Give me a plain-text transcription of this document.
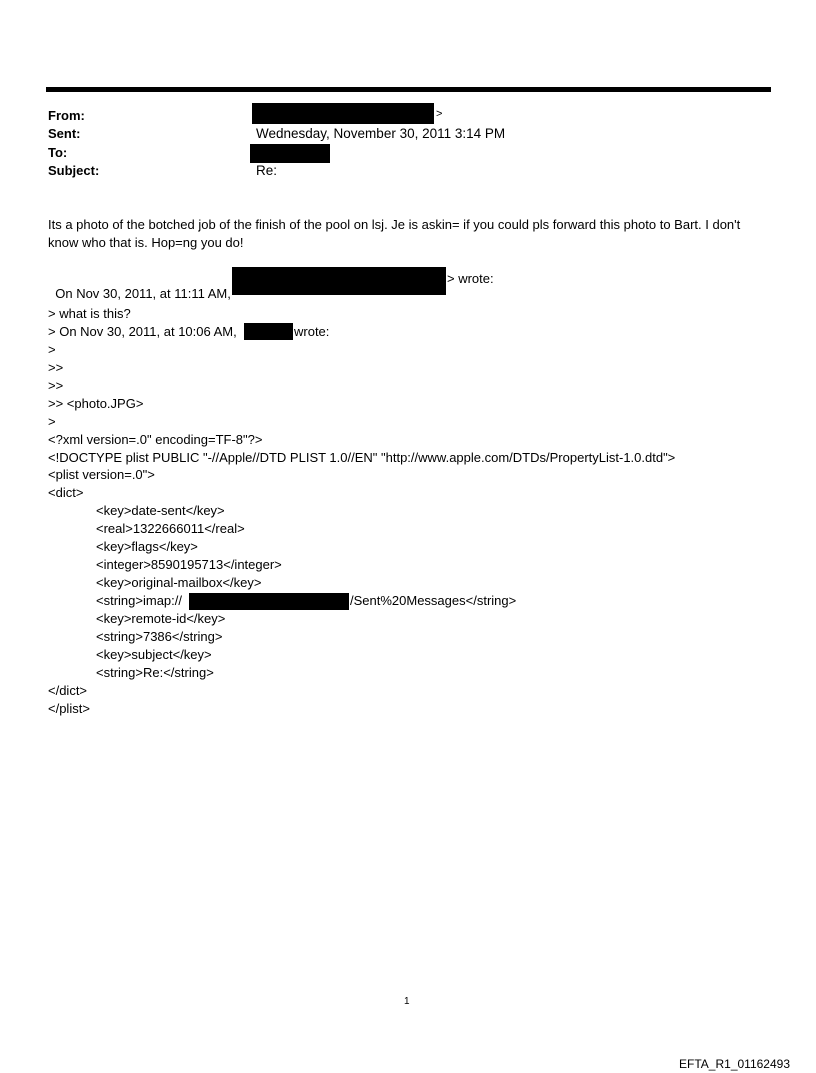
From:	>
Sent:	Wednesday, November 30, 2011 3:14 PM
To:
Subject:	Re:
Its a photo of the botched job of the finish of the pool on lsj. Je is askin= if you could pls forward this photo to Bart. I don't know who that is. Hop=ng you do!

On Nov 30, 2011, at 11:11 AM,

> wrote:
> what is this?
> On Nov 30, 2011, at 10:06 AM,	wrote:
>
>>
>>
>> <photo.JPG>
>
<?xml version=.0" encoding=TF-8"?>
<!DOCTYPE plist PUBLIC "-//Apple//DTD PLIST 1.0//EN" "http://www.apple.com/DTDs/PropertyList-1.0.dtd">
<plist version=.0">
<dict>
<key>date-sent</key>
<real>1322666011</real>
<key>flags</key>
<integer>8590195713</integer>
<key>original-mailbox</key>
<string>imap://	/Sent%20Messages</string>
<key>remote-id</key>
<string>7386</string>
<key>subject</key>
<string>Re:</string>
</dict>
</plist>
1
EFTA_R1_01162493
